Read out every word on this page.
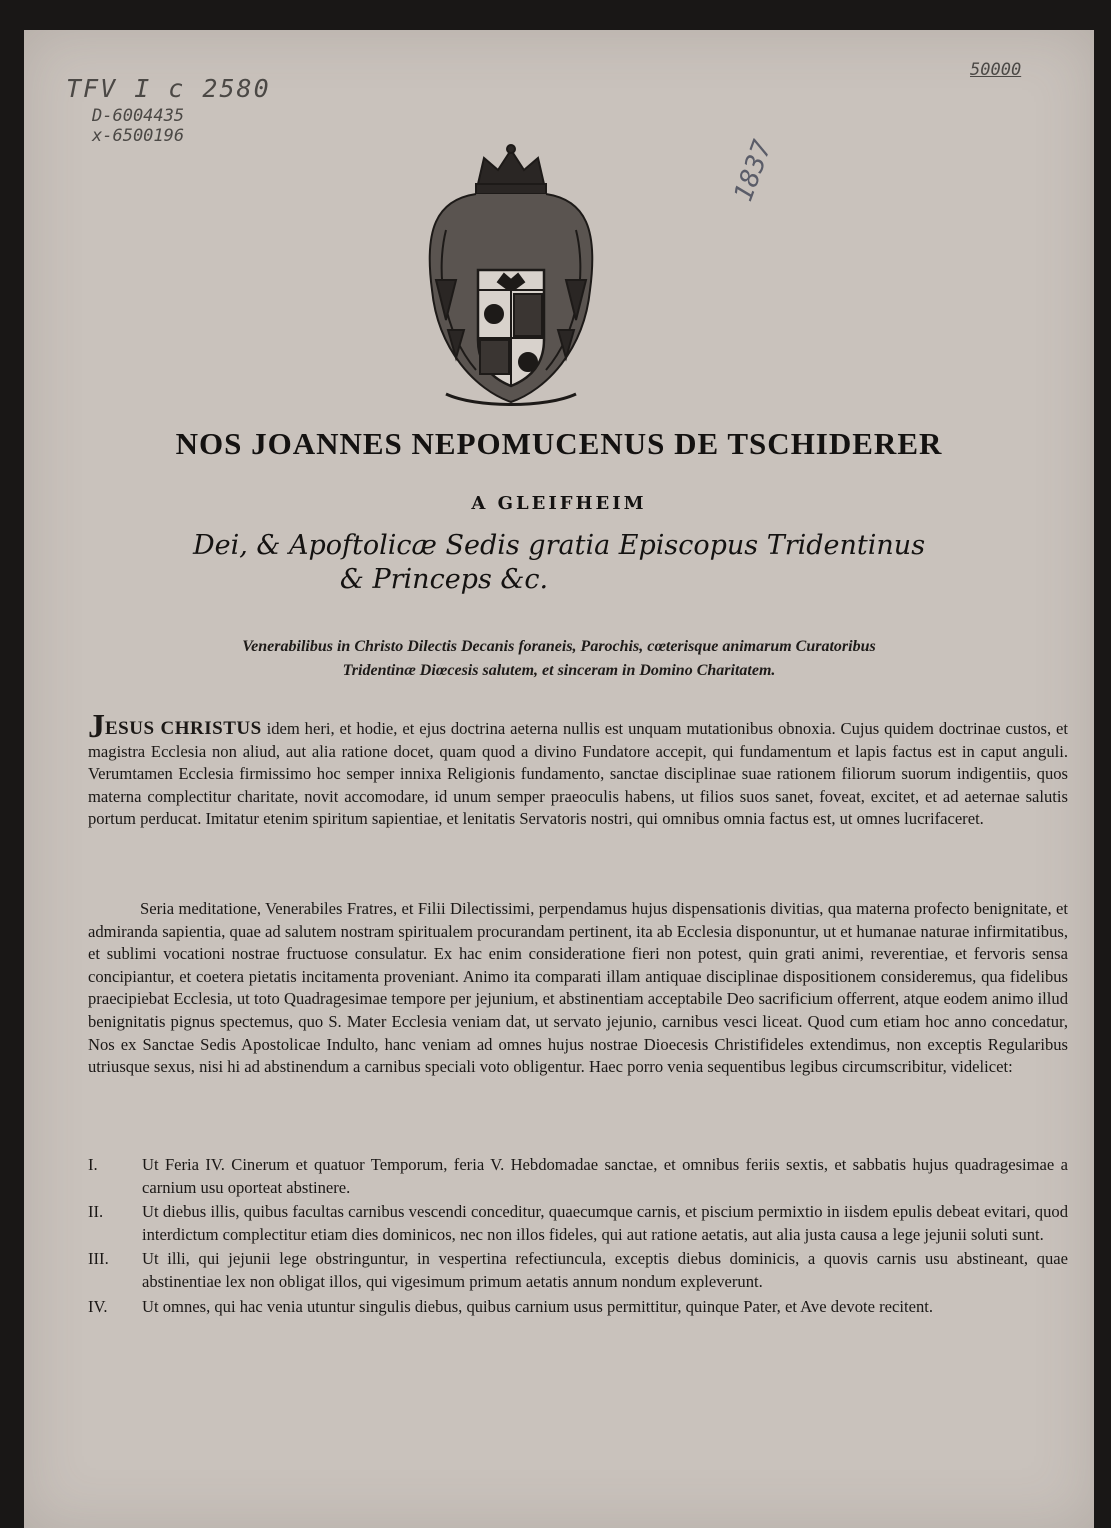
TFV I c 2580
D-6004435
x-6500196
50000
1837
NOS JOANNES NEPOMUCENUS DE TSCHIDERER
A GLEIFHEIM
Dei, & Apoftolicæ Sedis gratia Episcopus Tridentinus
& Princeps &c.
Venerabilibus in Christo Dilectis Decanis foraneis, Parochis, cœterisque animarum Curatoribus
Tridentinæ Diœcesis salutem, et sinceram in Domino Charitatem.
JESUS CHRISTUS idem heri, et hodie, et ejus doctrina aeterna nullis est unquam mutationibus obnoxia. Cujus quidem doctrinae custos, et magistra Ecclesia non aliud, aut alia ratione docet, quam quod a divino Fundatore accepit, qui fundamentum et lapis factus est in caput anguli. Verumtamen Ecclesia firmissimo hoc semper innixa Religionis fundamento, sanctae disciplinae suae rationem filiorum suorum indigentiis, quos materna complectitur charitate, novit accomodare, id unum semper praeoculis habens, ut filios suos sanet, foveat, excitet, et ad aeternae salutis portum perducat. Imitatur etenim spiritum sapientiae, et lenitatis Servatoris nostri, qui omnibus omnia factus est, ut omnes lucrifaceret.
Seria meditatione, Venerabiles Fratres, et Filii Dilectissimi, perpendamus hujus dispensationis divitias, qua materna profecto benignitate, et admiranda sapientia, quae ad salutem nostram spiritualem procurandam pertinent, ita ab Ecclesia disponuntur, ut et humanae naturae infirmitatibus, et sublimi vocationi nostrae fructuose consulatur. Ex hac enim consideratione fieri non potest, quin grati animi, reverentiae, et fervoris sensa concipiantur, et coetera pietatis incitamenta proveniant. Animo ita comparati illam antiquae disciplinae dispositionem consideremus, qua fidelibus praecipiebat Ecclesia, ut toto Quadragesimae tempore per jejunium, et abstinentiam acceptabile Deo sacrificium offerrent, atque eodem animo illud benignitatis pignus spectemus, quo S. Mater Ecclesia veniam dat, ut servato jejunio, carnibus vesci liceat. Quod cum etiam hoc anno concedatur, Nos ex Sanctae Sedis Apostolicae Indulto, hanc veniam ad omnes hujus nostrae Dioecesis Christifideles extendimus, non exceptis Regularibus utriusque sexus, nisi hi ad abstinendum a carnibus speciali voto obligentur. Haec porro venia sequentibus legibus circumscribitur, videlicet:
I.	Ut Feria IV. Cinerum et quatuor Temporum, feria V. Hebdomadae sanctae, et omnibus feriis sextis, et sabbatis hujus quadragesimae a carnium usu oporteat abstinere.
II.	Ut diebus illis, quibus facultas carnibus vescendi conceditur, quaecumque carnis, et piscium permixtio in iisdem epulis debeat evitari, quod interdictum complectitur etiam dies dominicos, nec non illos fideles, qui aut ratione aetatis, aut alia justa causa a lege jejunii soluti sunt.
III.	Ut illi, qui jejunii lege obstringuntur, in vespertina refectiuncula, exceptis diebus dominicis, a quovis carnis usu abstineant, quae abstinentiae lex non obligat illos, qui vigesimum primum aetatis annum nondum expleverunt.
IV.	Ut omnes, qui hac venia utuntur singulis diebus, quibus carnium usus permittitur, quinque Pater, et Ave devote recitent.
